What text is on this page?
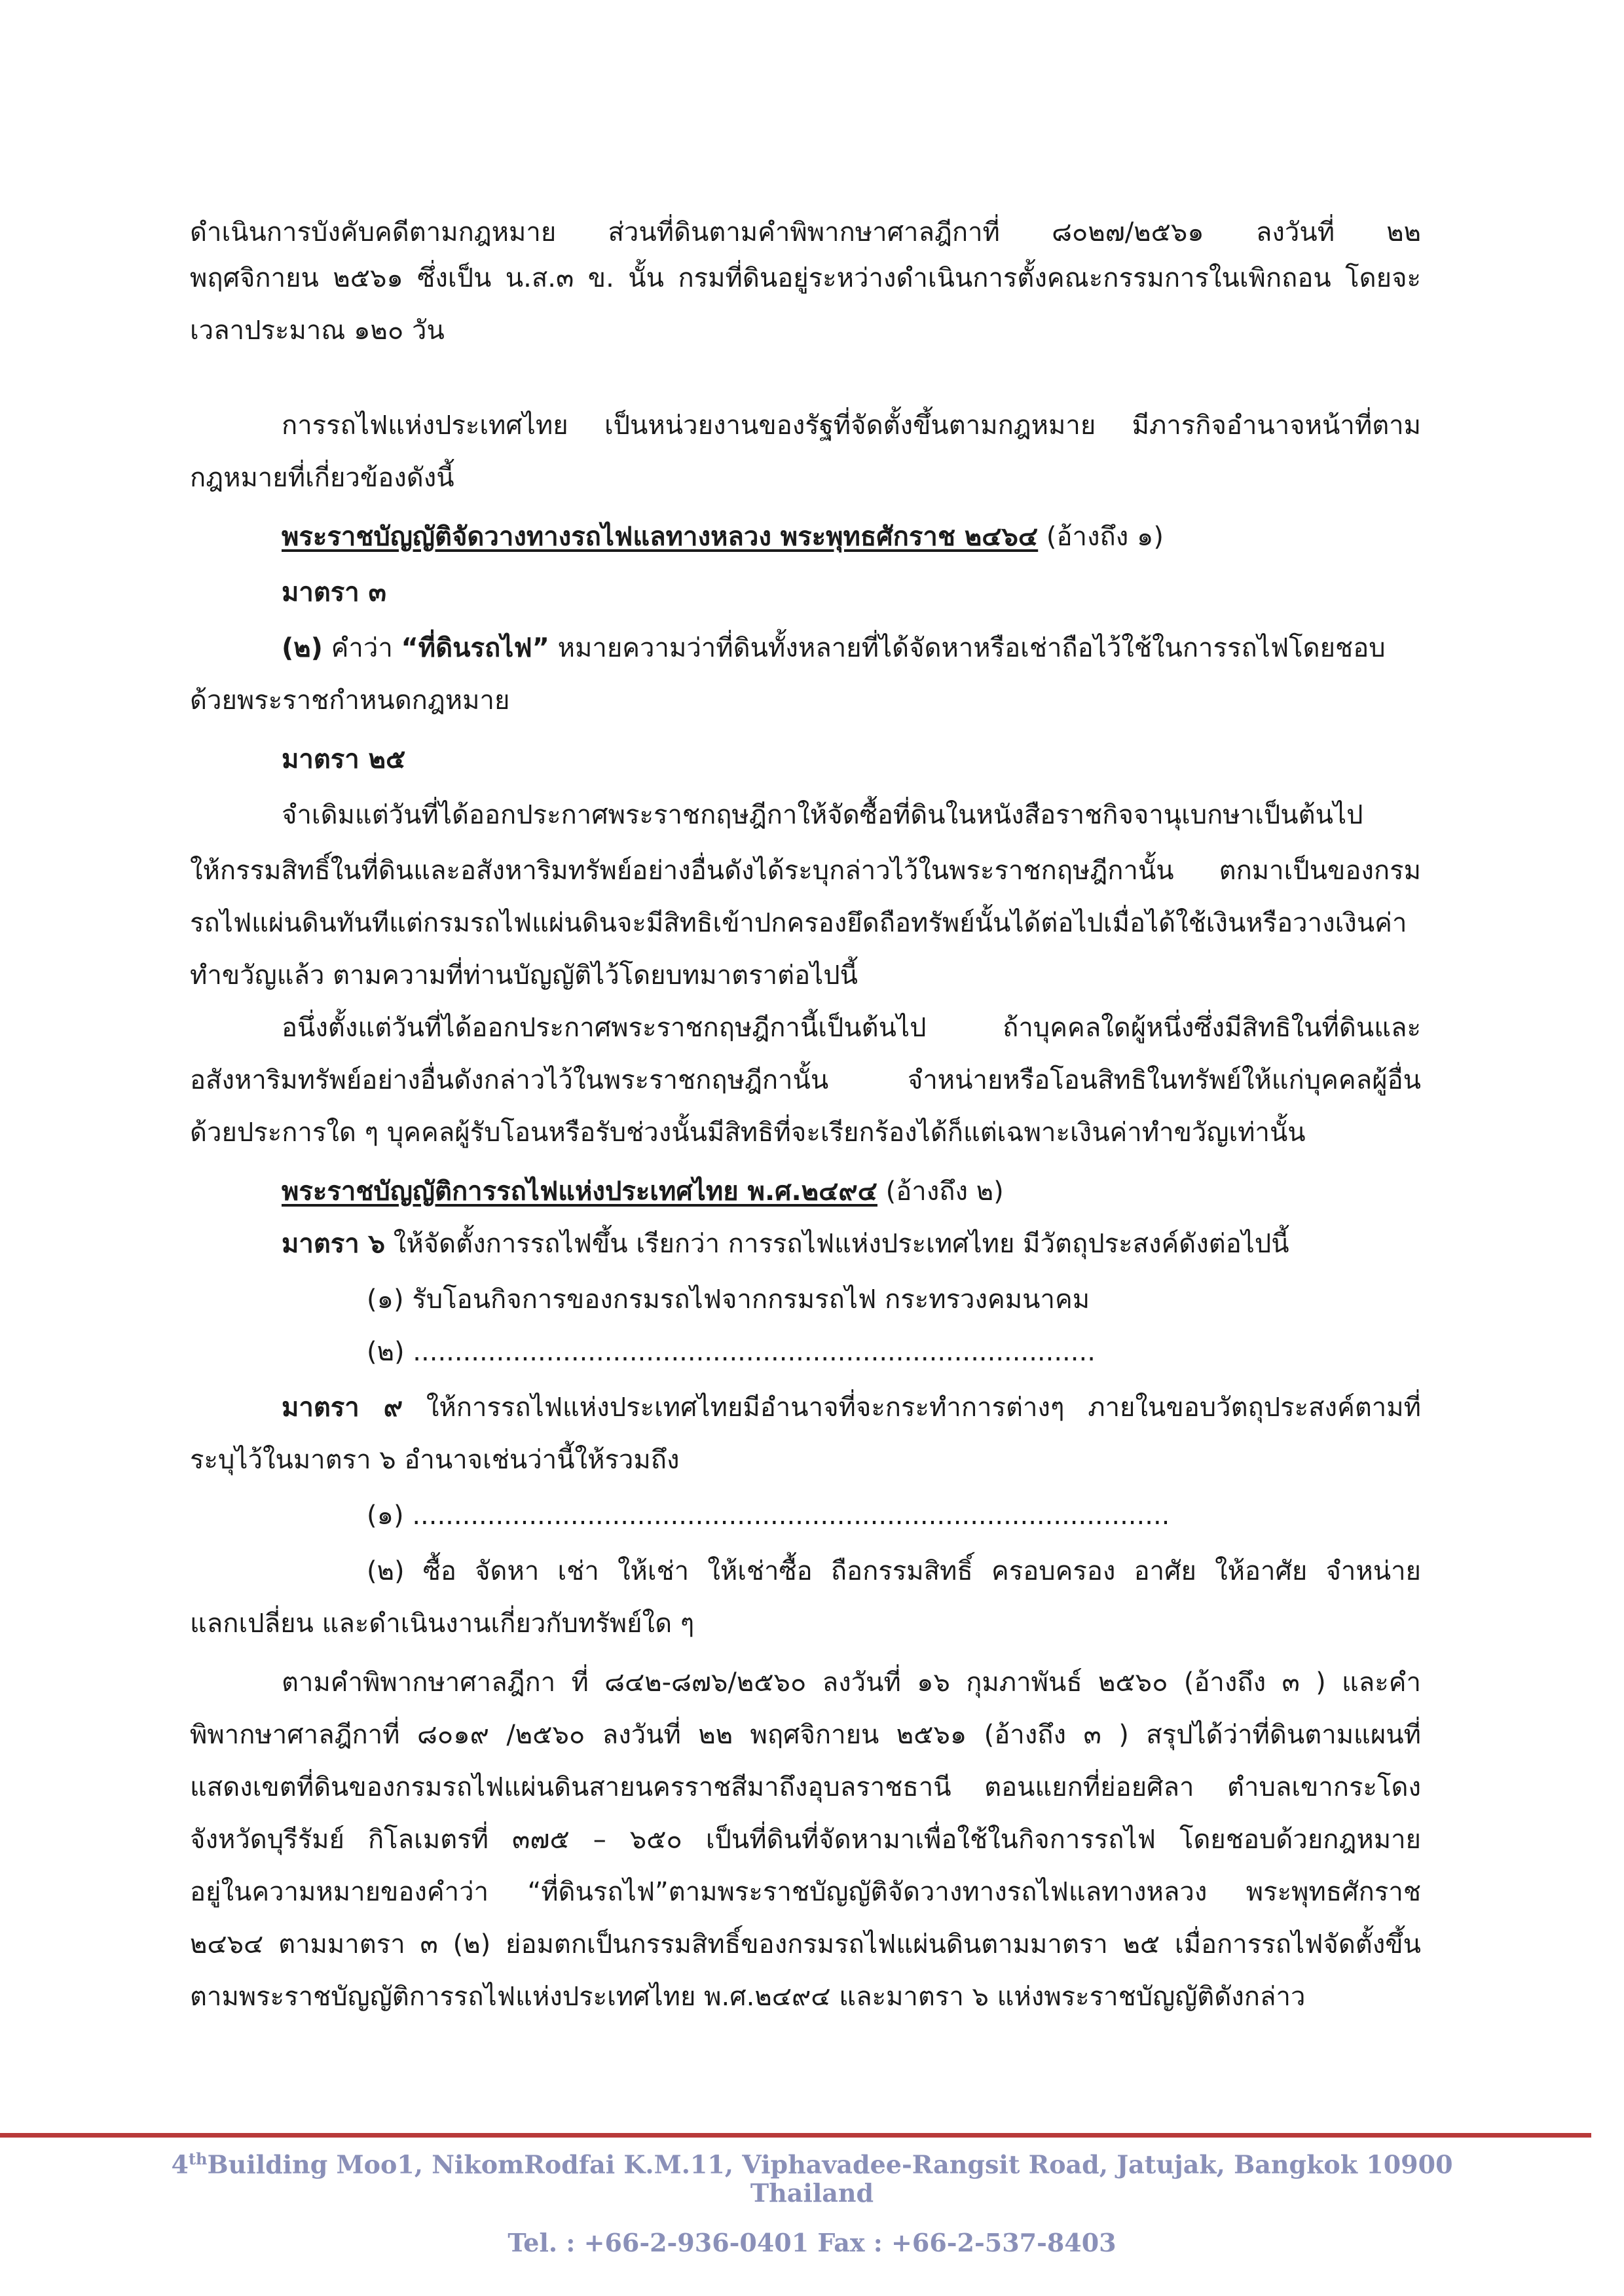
ดำเนินการบังคับคดีตามกฎหมาย ส่วนที่ดินตามคำพิพากษาศาลฎีกาที่ ๘๐๒๗/๒๕๖๑ ลงวันที่ ๒๒
พฤศจิกายน ๒๕๖๑ ซึ่งเป็น น.ส.๓ ข. นั้น กรมที่ดินอยู่ระหว่างดำเนินการตั้งคณะกรรมการในเพิกถอน โดยจะ
เวลาประมาณ ๑๒๐ วัน
การรถไฟแห่งประเทศไทย เป็นหน่วยงานของรัฐที่จัดตั้งขึ้นตามกฎหมาย มีภารกิจอำนาจหน้าที่ตาม
กฎหมายที่เกี่ยวข้องดังนี้
พระราชบัญญัติจัดวางทางรถไฟแลทางหลวง พระพุทธศักราช ๒๔๖๔ (อ้างถึง ๑)
มาตรา ๓
(๒) คำว่า “ที่ดินรถไฟ” หมายความว่าที่ดินทั้งหลายที่ได้จัดหาหรือเช่าถือไว้ใช้ในการรถไฟโดยชอบ
ด้วยพระราชกำหนดกฎหมาย
มาตรา ๒๕
จำเดิมแต่วันที่ได้ออกประกาศพระราชกฤษฎีกาให้จัดซื้อที่ดินในหนังสือราชกิจจานุเบกษาเป็นต้นไป
ให้กรรมสิทธิ์ในที่ดินและอสังหาริมทรัพย์อย่างอื่นดังได้ระบุกล่าวไว้ในพระราชกฤษฎีกานั้น ตกมาเป็นของกรม
รถไฟแผ่นดินทันทีแต่กรมรถไฟแผ่นดินจะมีสิทธิเข้าปกครองยึดถือทรัพย์นั้นได้ต่อไปเมื่อได้ใช้เงินหรือวางเงินค่า
ทำขวัญแล้ว ตามความที่ท่านบัญญัติไว้โดยบทมาตราต่อไปนี้
อนึ่งตั้งแต่วันที่ได้ออกประกาศพระราชกฤษฎีกานี้เป็นต้นไป ถ้าบุคคลใดผู้หนึ่งซึ่งมีสิทธิในที่ดินและ
อสังหาริมทรัพย์อย่างอื่นดังกล่าวไว้ในพระราชกฤษฎีกานั้น จำหน่ายหรือโอนสิทธิในทรัพย์ให้แก่บุคคลผู้อื่น
ด้วยประการใด ๆ บุคคลผู้รับโอนหรือรับช่วงนั้นมีสิทธิที่จะเรียกร้องได้ก็แต่เฉพาะเงินค่าทำขวัญเท่านั้น
พระราชบัญญัติการรถไฟแห่งประเทศไทย พ.ศ.๒๔๙๔ (อ้างถึง ๒)
มาตรา ๖ ให้จัดตั้งการรถไฟขึ้น เรียกว่า การรถไฟแห่งประเทศไทย มีวัตถุประสงค์ดังต่อไปนี้
(๑) รับโอนกิจการของกรมรถไฟจากกรมรถไฟ กระทรวงคมนาคม
(๒) ..................................................................................
มาตรา ๙ ให้การรถไฟแห่งประเทศไทยมีอำนาจที่จะกระทำการต่างๆ ภายในขอบวัตถุประสงค์ตามที่
ระบุไว้ในมาตรา ๖ อำนาจเช่นว่านี้ให้รวมถึง
(๑) ...........................................................................................
(๒) ซื้อ จัดหา เช่า ให้เช่า ให้เช่าซื้อ ถือกรรมสิทธิ์ ครอบครอง อาศัย ให้อาศัย จำหน่าย
แลกเปลี่ยน และดำเนินงานเกี่ยวกับทรัพย์ใด ๆ
ตามคำพิพากษาศาลฎีกา ที่ ๘๔๒-๘๗๖/๒๕๖๐ ลงวันที่ ๑๖ กุมภาพันธ์ ๒๕๖๐ (อ้างถึง ๓ ) และคำ
พิพากษาศาลฎีกาที่ ๘๐๑๙ /๒๕๖๐ ลงวันที่ ๒๒ พฤศจิกายน ๒๕๖๑ (อ้างถึง ๓ ) สรุปได้ว่าที่ดินตามแผนที่
แสดงเขตที่ดินของกรมรถไฟแผ่นดินสายนครราชสีมาถึงอุบลราชธานี ตอนแยกที่ย่อยศิลา ตำบลเขากระโดง
จังหวัดบุรีรัมย์ กิโลเมตรที่ ๓๗๕ – ๖๕๐ เป็นที่ดินที่จัดหามาเพื่อใช้ในกิจการรถไฟ โดยชอบด้วยกฎหมาย
อยู่ในความหมายของคำว่า “ที่ดินรถไฟ”ตามพระราชบัญญัติจัดวางทางรถไฟแลทางหลวง พระพุทธศักราช
๒๔๖๔ ตามมาตรา ๓ (๒) ย่อมตกเป็นกรรมสิทธิ์ของกรมรถไฟแผ่นดินตามมาตรา ๒๕ เมื่อการรถไฟจัดตั้งขึ้น
ตามพระราชบัญญัติการรถไฟแห่งประเทศไทย พ.ศ.๒๔๙๔ และมาตรา ๖ แห่งพระราชบัญญัติดังกล่าว
4thBuilding Moo1, NikomRodfai K.M.11, Viphavadee-Rangsit Road, Jatujak, Bangkok 10900
Thailand
Tel. : +66-2-936-0401 Fax : +66-2-537-8403
